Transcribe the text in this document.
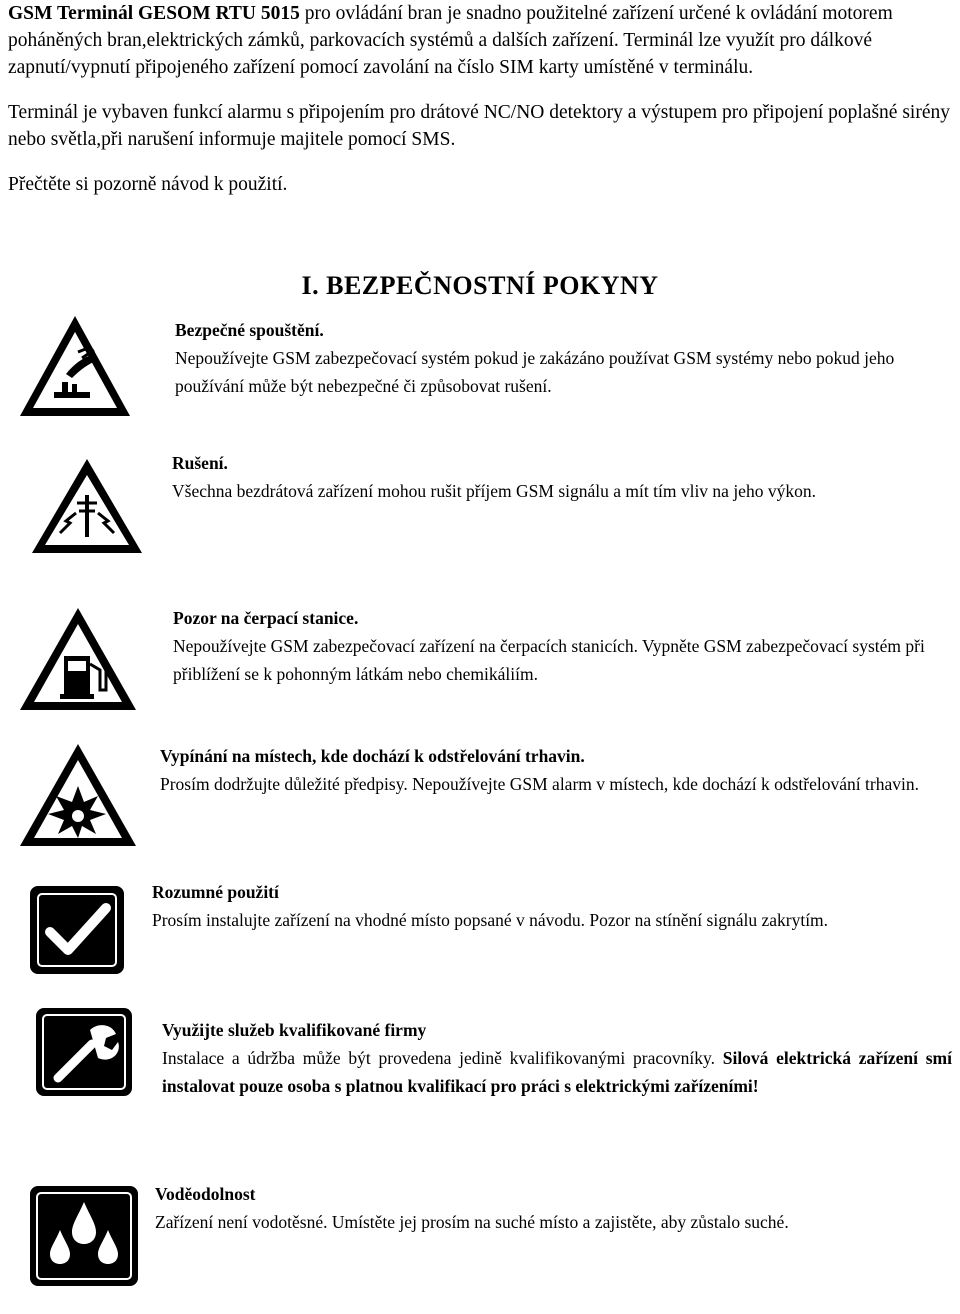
GSM Terminál GESOM RTU 5015 pro ovládání bran je snadno použitelné zařízení určené k ovládání motorem poháněných bran,elektrických zámků, parkovacích systémů a dalších zařízení. Terminál lze využít pro dálkové zapnutí/vypnutí připojeného zařízení pomocí zavolání na číslo SIM karty umístěné v terminálu.

Terminál je vybaven funkcí alarmu s připojením pro drátové NC/NO detektory a výstupem pro připojení poplašné sirény nebo světla,při narušení informuje majitele pomocí SMS.

Přečtěte si pozorně návod k použití.

I. BEZPEČNOSTNÍ POKYNY
Bezpečné spouštění.
Nepoužívejte GSM zabezpečovací systém pokud je zakázáno používat GSM systémy nebo pokud jeho používání může být nebezpečné či způsobovat rušení.
Rušení.
Všechna bezdrátová zařízení mohou rušit příjem GSM signálu a mít tím vliv na jeho výkon.
Pozor na čerpací stanice.
Nepoužívejte GSM zabezpečovací zařízení na čerpacích stanicích. Vypněte GSM zabezpečovací systém při přiblížení se k pohonným látkám nebo chemikáliím.
Vypínání na místech, kde dochází k odstřelování trhavin.
Prosím dodržujte důležité předpisy. Nepoužívejte GSM alarm v místech, kde dochází k odstřelování trhavin.
Rozumné použití
Prosím instalujte zařízení na vhodné místo popsané v návodu. Pozor na stínění signálu zakrytím.
Využijte služeb kvalifikované firmy
Instalace a údržba může být provedena jedině kvalifikovanými pracovníky. Silová elektrická zařízení smí instalovat pouze osoba s platnou kvalifikací pro práci s elektrickými zařízeními!
Voděodolnost
Zařízení není vodotěsné. Umístěte jej prosím na suché místo a zajistěte, aby zůstalo suché.
